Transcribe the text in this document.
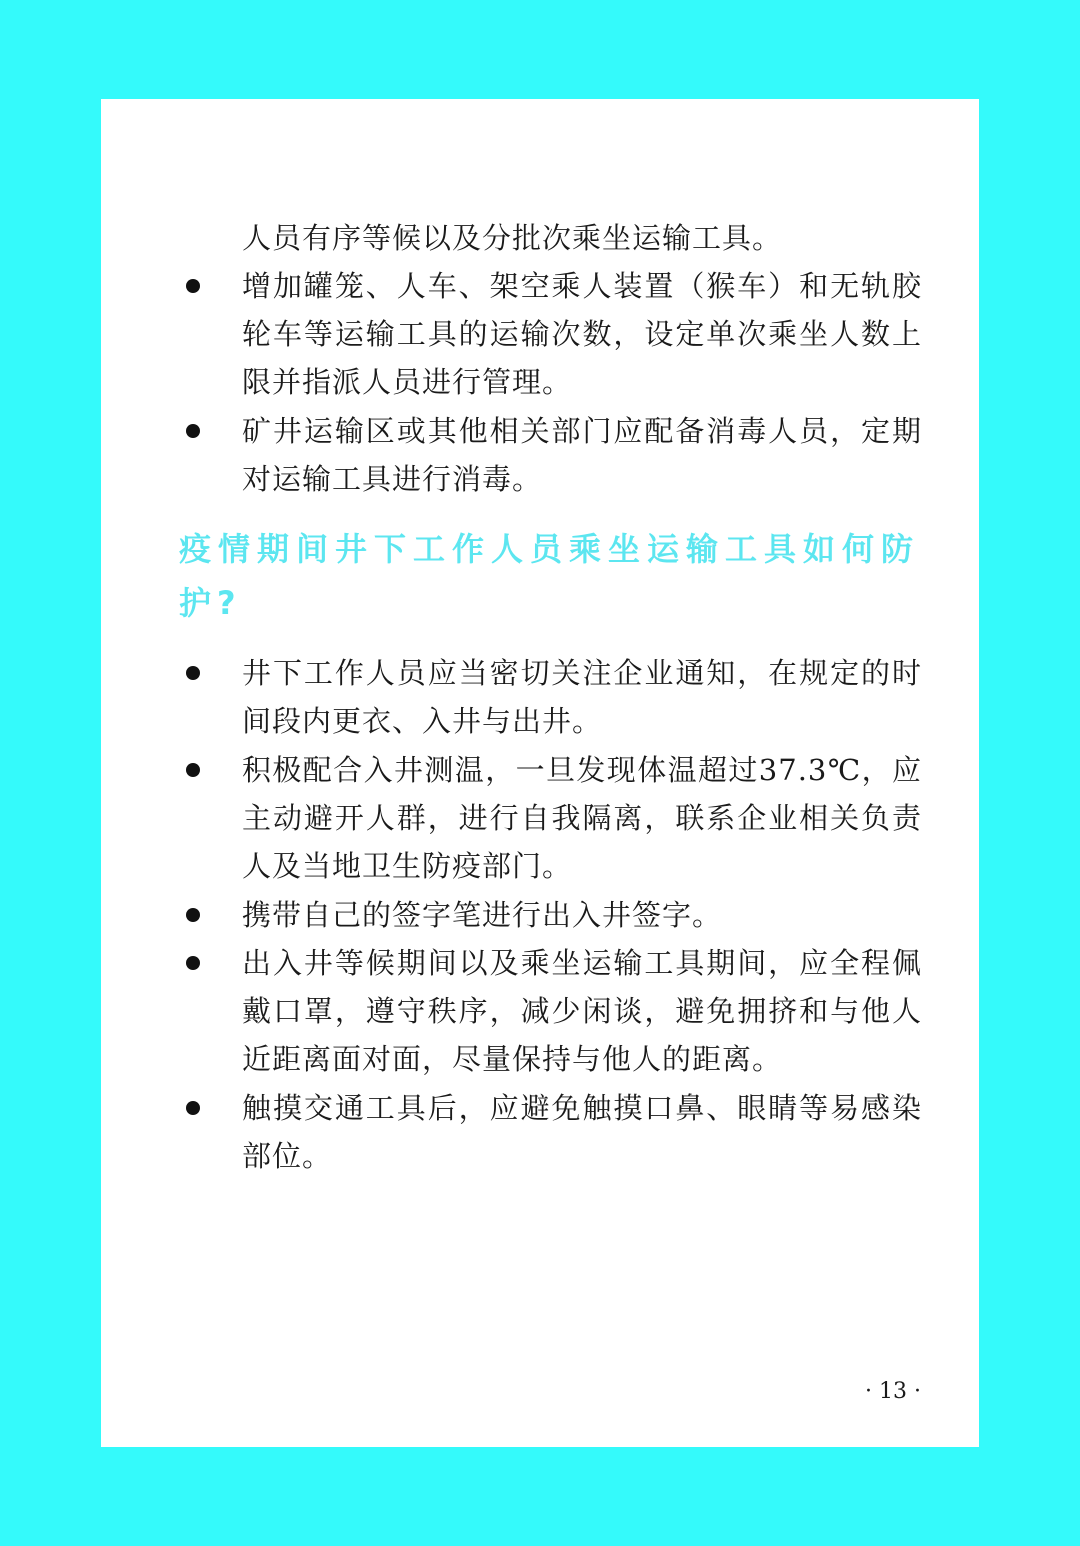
人员有序等候以及分批次乘坐运输工具。
增加罐笼、人车、架空乘人装置（猴车）和无轨胶轮车等运输工具的运输次数，设定单次乘坐人数上限并指派人员进行管理。
矿井运输区或其他相关部门应配备消毒人员，定期对运输工具进行消毒。
疫情期间井下工作人员乘坐运输工具如何防护?
井下工作人员应当密切关注企业通知，在规定的时间段内更衣、入井与出井。
积极配合入井测温，一旦发现体温超过37.3℃，应主动避开人群，进行自我隔离，联系企业相关负责人及当地卫生防疫部门。
携带自己的签字笔进行出入井签字。
出入井等候期间以及乘坐运输工具期间，应全程佩戴口罩，遵守秩序，减少闲谈，避免拥挤和与他人近距离面对面，尽量保持与他人的距离。
触摸交通工具后，应避免触摸口鼻、眼睛等易感染部位。
· 13 ·
